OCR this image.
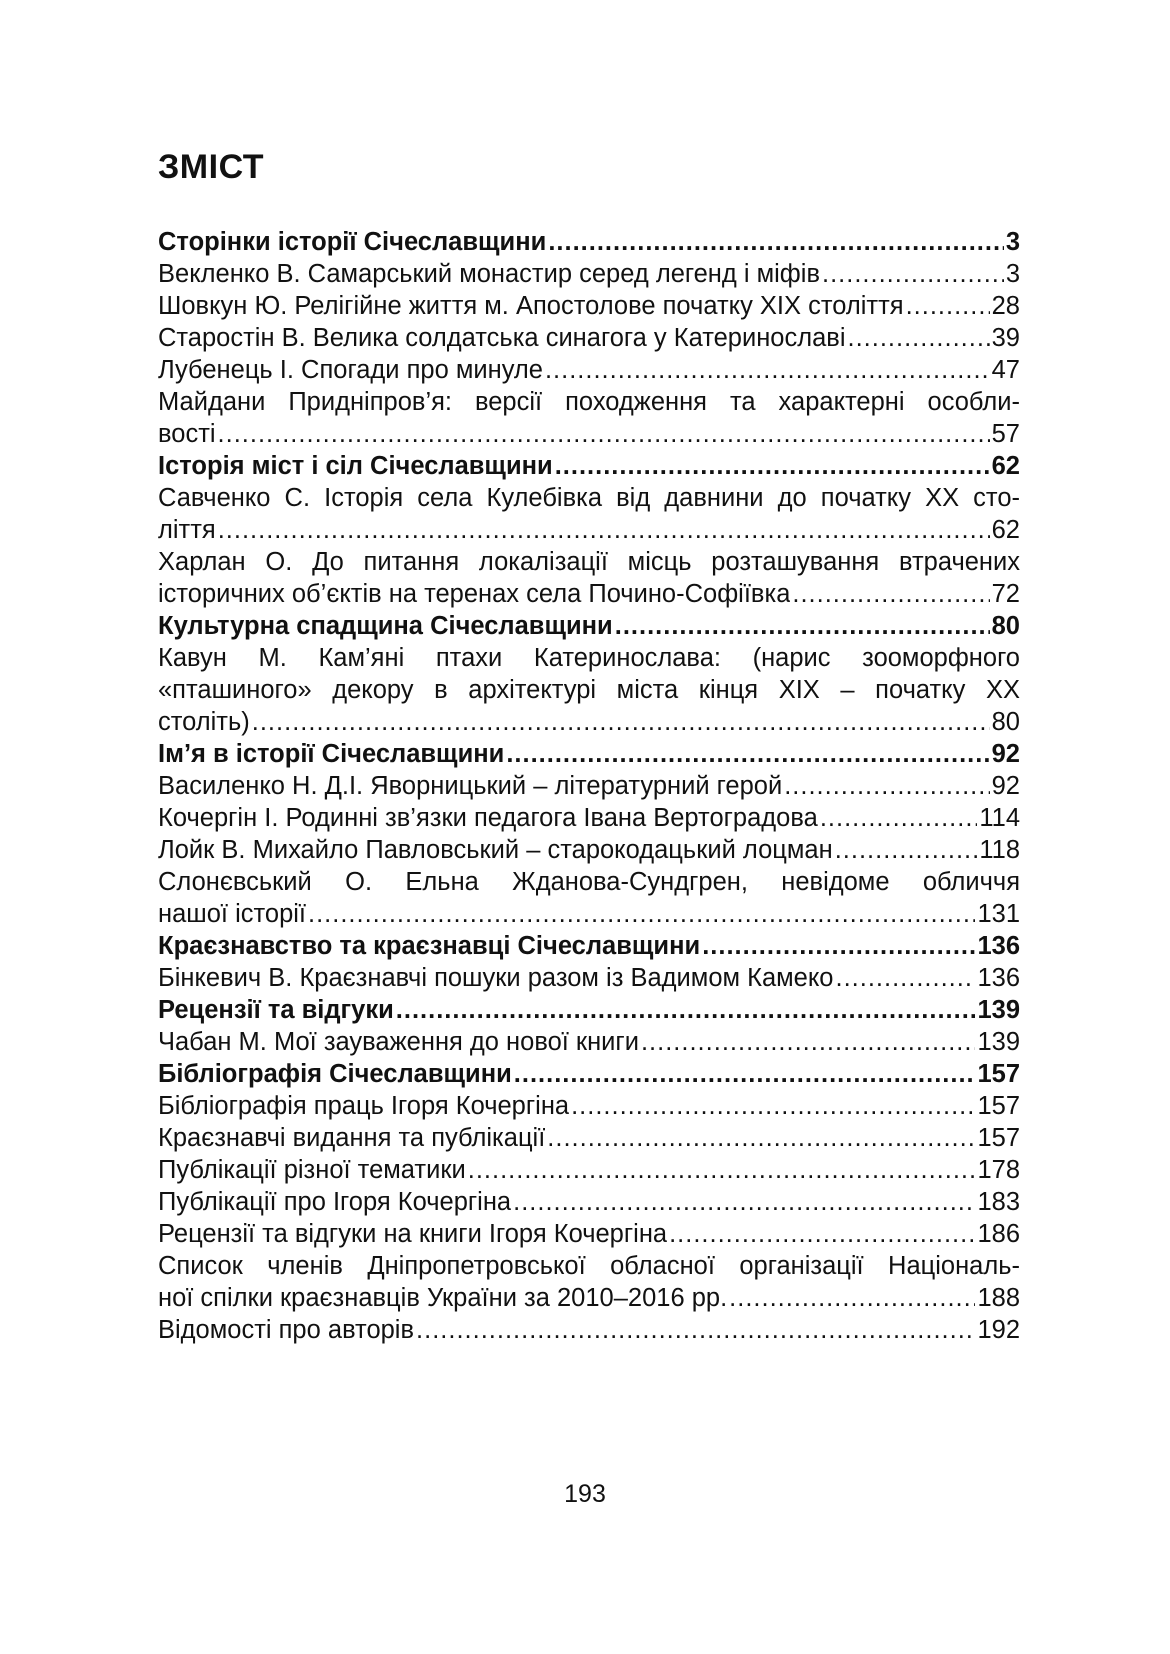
ЗМІСТ
Сторінки історії Січеславщини .....	3
Векленко В. Самарський монастир серед легенд і міфів .....	3
Шовкун Ю. Релігійне життя м. Апостолове початку ХІХ століття .....	28
Старостін В. Велика солдатська синагога у Катеринославі .....	39
Лубенець І. Спогади про минуле .....	47
Майдани Придніпров’я: версії походження та характерні особли-
вості .....	57
Історія міст і сіл Січеславщини .....	62
Савченко С. Історія села Кулебівка від давнини до початку ХХ сто-
ліття .....	62
Харлан О. До питання локалізації місць розташування втрачених
історичних об’єктів на теренах села Почино-Софіївка .....	72
Культурна спадщина Січеславщини .....	80
Кавун М. Кам’яні птахи Катеринослава: (нарис зооморфного
«пташиного» декору в архітектурі міста кінця ХІХ – початку ХХ
століть) .....	80
Ім’я в історії Січеславщини .....	92
Василенко Н. Д.І. Яворницький – літературний герой .....	92
Кочергін І. Родинні зв’язки педагога Івана Вертоградова .....	114
Лойк В. Михайло Павловський – старокодацький лоцман .....	118
Слонєвський О. Ельна Жданова-Сундгрен, невідоме обличчя
нашої історії .....	131
Краєзнавство та краєзнавці Січеславщини .....	136
Бінкевич В. Краєзнавчі пошуки разом із Вадимом Камеко .....	136
Рецензії та відгуки .....	139
Чабан М. Мої зауваження до нової книги .....	139
Бібліографія Січеславщини .....	157
Бібліографія праць Ігоря Кочергіна .....	157
Краєзнавчі видання та публікації .....	157
Публікації різної тематики .....	178
Публікації про Ігоря Кочергіна .....	183
Рецензії та відгуки на книги Ігоря Кочергіна .....	186
Список членів Дніпропетровської обласної організації Національ-
ної спілки краєзнавців України за 2010–2016 рр. .....	188
Відомості про авторів .....	192
193
